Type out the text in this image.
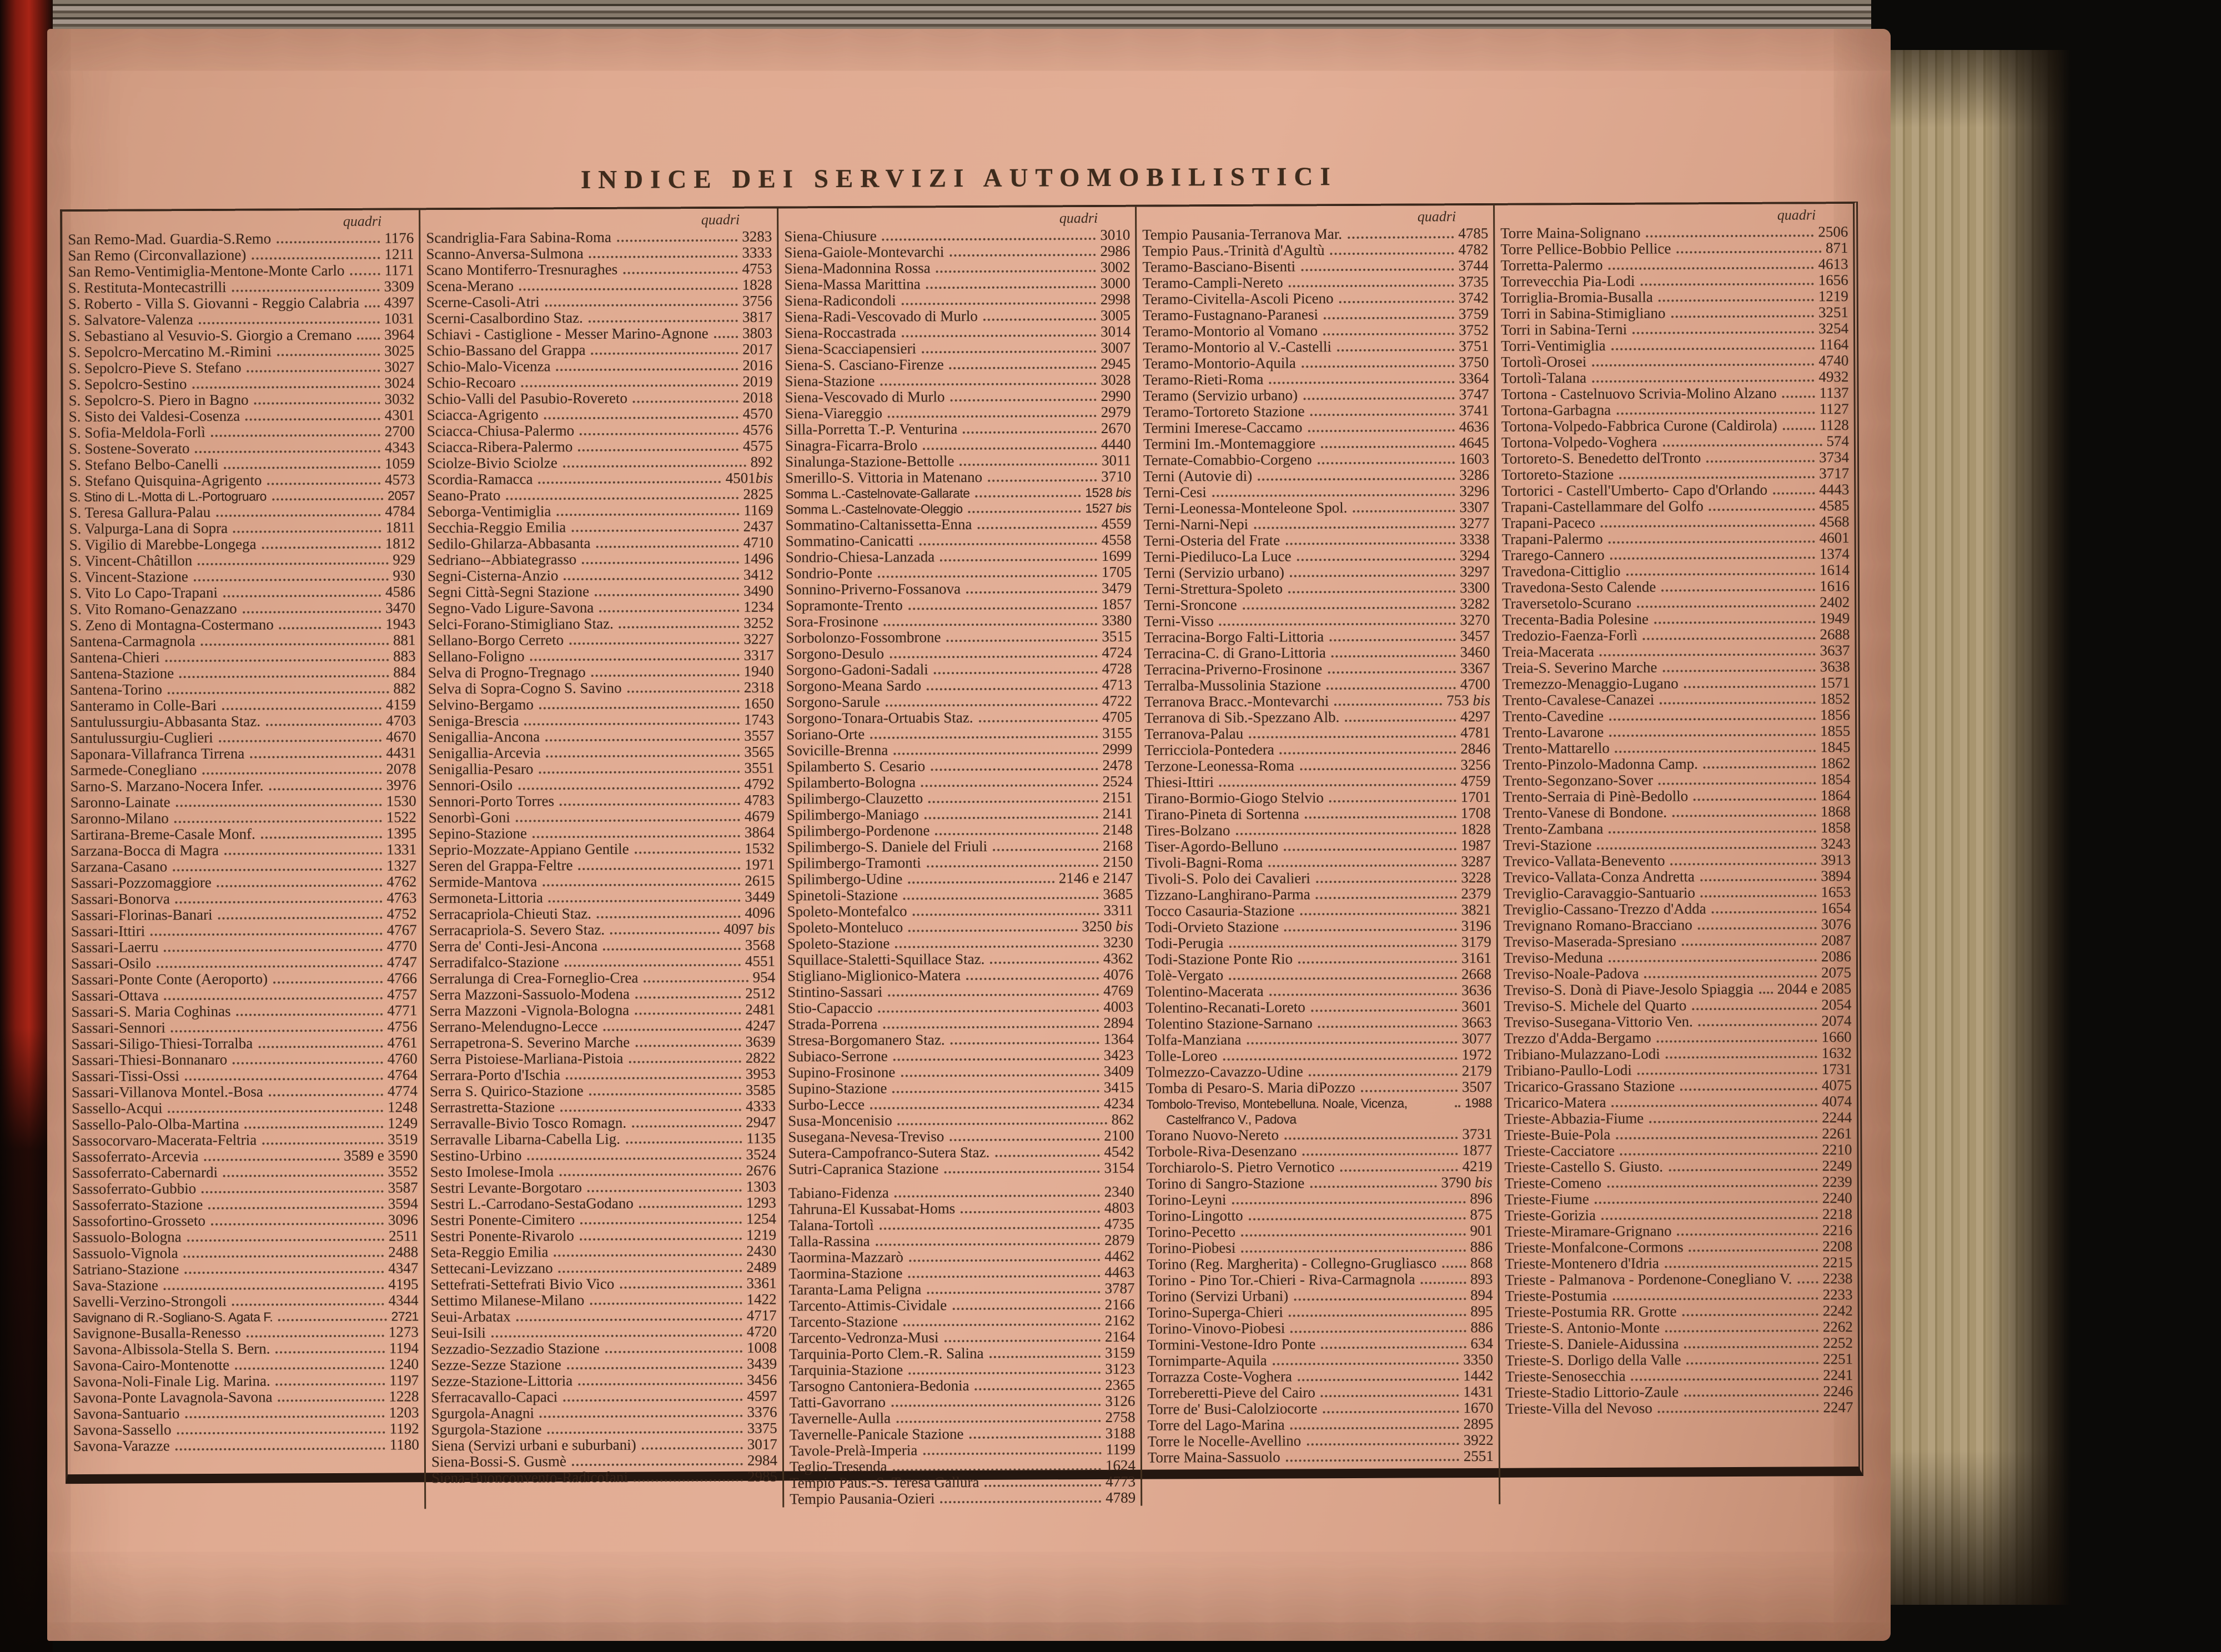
INDICE DEI SERVIZI AUTOMOBILISTICI
quadri
San Remo-Mad. Guardia-S.Remo	1176
San Remo (Circonvallazione)	1211
San Remo-Ventimiglia-Mentone-Monte Carlo	1171
S. Restituta-Montecastrilli	3309
S. Roberto - Villa S. Giovanni - Reggio Calabria 4397
S. Salvatore-Valenza	1031
S. Sebastiano al Vesuvio-S. Giorgio a Cremano 3964
S. Sepolcro-Mercatino M.-Rimini	3025
S. Sepolcro-Pieve S. Stefano	3027
S. Sepolcro-Sestino	3024
S. Sepolcro-S. Piero in Bagno	3032
S. Sisto dei Valdesi-Cosenza	4301
S. Sofia-Meldola-Forlì	2700
S. Sostene-Soverato	4343
S. Stefano Belbo-Canelli	1059
S. Stefano Quisquina-Agrigento	4573
S. Stino di L.-Motta di L.-Portogruaro	2057
S. Teresa Gallura-Palau	4784
S. Valpurga-Lana di Sopra	1811
S. Vigilio di Marebbe-Longega	1812
S. Vincent-Châtillon	929
S. Vincent-Stazione	930
S. Vito Lo Capo-Trapani	4586
S. Vito Romano-Genazzano	3470
S. Zeno di Montagna-Costermano	1943
Santena-Carmagnola	881
Santena-Chieri	883
Santena-Stazione	884
Santena-Torino	882
Santeramo in Colle-Bari	4159
Santulussurgiu-Abbasanta Staz.	4703
Santulussurgiu-Cuglieri	4670
Saponara-Villafranca Tirrena	4431
Sarmede-Conegliano	2078
Sarno-S. Marzano-Nocera Infer.	3976
Saronno-Lainate	1530
Saronno-Milano	1522
Sartirana-Breme-Casale Monf.	1395
Sarzana-Bocca di Magra	1331
Sarzana-Casano	1327
Sassari-Pozzomaggiore	4762
Sassari-Bonorva	4763
Sassari-Florinas-Banari	4752
Sassari-Ittiri	4767
Sassari-Laerru	4770
Sassari-Osilo	4747
Sassari-Ponte Conte (Aeroporto)	4766
Sassari-Ottava	4757
Sassari-S. Maria Coghinas	4771
Sassari-Sennori	4756
Sassari-Siligo-Thiesi-Torralba	4761
Sassari-Thiesi-Bonnanaro	4760
Sassari-Tissi-Ossi	4764
Sassari-Villanova Montel.-Bosa	4774
Sassello-Acqui	1248
Sassello-Palo-Olba-Martina	1249
Sassocorvaro-Macerata-Feltria	3519
Sassoferrato-Arcevia	3589 e 3590
Sassoferrato-Cabernardi	3552
Sassoferrato-Gubbio	3587
Sassoferrato-Stazione	3594
Sassofortino-Grosseto	3096
Sassuolo-Bologna	2511
Sassuolo-Vignola	2488
Satriano-Stazione	4347
Sava-Stazione	4195
Savelli-Verzino-Strongoli	4344
Savignano di R.-Sogliano-S. Agata F.	2721
Savignone-Busalla-Renesso	1273
Savona-Albissola-Stella S. Bern.	1194
Savona-Cairo-Montenotte	1240
Savona-Noli-Finale Lig. Marina.	1197
Savona-Ponte Lavagnola-Savona	1228
Savona-Santuario	1203
Savona-Sassello	1192
Savona-Varazze	1180
quadri
Scandriglia-Fara Sabina-Roma	3283
Scanno-Anversa-Sulmona	3333
Scano Montiferro-Tresnuraghes	4753
Scena-Merano	1828
Scerne-Casoli-Atri	3756
Scerni-Casalbordino Staz.	3817
Schiavi - Castiglione - Messer Marino-Agnone 3803
Schio-Bassano del Grappa	2017
Schio-Malo-Vicenza	2016
Schio-Recoaro	2019
Schio-Valli del Pasubio-Rovereto	2018
Sciacca-Agrigento	4570
Sciacca-Chiusa-Palermo	4576
Sciacca-Ribera-Palermo	4575
Sciolze-Bivio Sciolze	892
Scordia-Ramacca	4501bis
Seano-Prato	2825
Seborga-Ventimiglia	1169
Secchia-Reggio Emilia	2437
Sedilo-Ghilarza-Abbasanta	4710
Sedriano--Abbiategrasso	1496
Segni-Cisterna-Anzio	3412
Segni Città-Segni Stazione	3490
Segno-Vado Ligure-Savona	1234
Selci-Forano-Stimigliano Staz.	3252
Sellano-Borgo Cerreto	3227
Sellano-Foligno	3317
Selva di Progno-Tregnago	1940
Selva di Sopra-Cogno S. Savino	2318
Selvino-Bergamo	1650
Seniga-Brescia	1743
Senigallia-Ancona	3557
Senigallia-Arcevia	3565
Senigallia-Pesaro	3551
Sennori-Osilo	4792
Sennori-Porto Torres	4783
Senorbì-Goni	4679
Sepino-Stazione	3864
Seprio-Mozzate-Appiano Gentile	1532
Seren del Grappa-Feltre	1971
Sermide-Mantova	2615
Sermoneta-Littoria	3449
Serracapriola-Chieuti Staz.	4096
Serracapriola-S. Severo Staz.	4097 bis
Serra de' Conti-Jesi-Ancona	3568
Serradifalco-Stazione	4551
Serralunga di Crea-Forneglio-Crea	954
Serra Mazzoni-Sassuolo-Modena	2512
Serra Mazzoni -Vignola-Bologna	2481
Serrano-Melendugno-Lecce	4247
Serrapetrona-S. Severino Marche	3639
Serra Pistoiese-Marliana-Pistoia	2822
Serrara-Porto d'Ischia	3953
Serra S. Quirico-Stazione	3585
Serrastretta-Stazione	4333
Serravalle-Bivio Tosco Romagn.	2947
Serravalle Libarna-Cabella Lig.	1135
Sestino-Urbino	3524
Sesto Imolese-Imola	2676
Sestri Levante-Borgotaro	1303
Sestri L.-Carrodano-SestaGodano	1293
Sestri Ponente-Cimitero	1254
Sestri Ponente-Rivarolo	1219
Seta-Reggio Emilia	2430
Settecani-Levizzano	2489
Settefrati-Settefrati Bivio Vico	3361
Settimo Milanese-Milano	1422
Seui-Arbatax	4717
Seui-Isili	4720
Sezzadio-Sezzadio Stazione	1008
Sezze-Sezze Stazione	3439
Sezze-Stazione-Littoria	3456
Sferracavallo-Capaci	4597
Sgurgola-Anagni	3376
Sgurgola-Stazione	3375
Siena (Servizi urbani e suburbani)	3017
Siena-Bossi-S. Gusmè	2984
Siena-Buonconvento-Radicofani	2985
quadri
Siena-Chiusure	3010
Siena-Gaiole-Montevarchi	2986
Siena-Madonnina Rossa	3002
Siena-Massa Marittina	3000
Siena-Radicondoli	2998
Siena-Radi-Vescovado di Murlo	3005
Siena-Roccastrada	3014
Siena-Scacciapensieri	3007
Siena-S. Casciano-Firenze	2945
Siena-Stazione	3028
Siena-Vescovado di Murlo	2990
Siena-Viareggio	2979
Silla-Porretta T.-P. Venturina	2670
Sinagra-Ficarra-Brolo	4440
Sinalunga-Stazione-Bettolle	3011
Smerillo-S. Vittoria in Matenano	3710
Somma L.-Castelnovate-Gallarate	1528 bis
Somma L.-Castelnovate-Oleggio	1527 bis
Sommatino-Caltanissetta-Enna	4559
Sommatino-Canicatti	4558
Sondrio-Chiesa-Lanzada	1699
Sondrio-Ponte	1705
Sonnino-Priverno-Fossanova	3479
Sopramonte-Trento	1857
Sora-Frosinone	3380
Sorbolonzo-Fossombrone	3515
Sorgono-Desulo	4724
Sorgono-Gadoni-Sadali	4728
Sorgono-Meana Sardo	4713
Sorgono-Sarule	4722
Sorgono-Tonara-Ortuabis Staz.	4705
Soriano-Orte	3155
Sovicille-Brenna	2999
Spilamberto S. Cesario	2478
Spilamberto-Bologna	2524
Spilimbergo-Clauzetto	2151
Spilimbergo-Maniago	2141
Spilimbergo-Pordenone	2148
Spilimbergo-S. Daniele del Friuli	2168
Spilimbergo-Tramonti	2150
Spilimbergo-Udine	2146 e 2147
Spinetoli-Stazione	3685
Spoleto-Montefalco	3311
Spoleto-Monteluco	3250 bis
Spoleto-Stazione	3230
Squillace-Staletti-Squillace Staz.	4362
Stigliano-Miglionico-Matera	4076
Stintino-Sassari	4769
Stio-Capaccio	4003
Strada-Porrena	2894
Stresa-Borgomanero Staz.	1364
Subiaco-Serrone	3423
Supino-Frosinone	3409
Supino-Stazione	3415
Surbo-Lecce	4234
Susa-Moncenisio	862
Susegana-Nevesa-Treviso	2100
Sutera-Campofranco-Sutera Staz.	4542
Sutri-Capranica Stazione	3154
Tabiano-Fidenza	2340
Tahruna-El Kussabat-Homs	4803
Talana-Tortolì	4735
Talla-Rassina	2879
Taormina-Mazzarò	4462
Taormina-Stazione	4463
Taranta-Lama Peligna	3787
Tarcento-Attimis-Cividale	2166
Tarcento-Stazione	2162
Tarcento-Vedronza-Musi	2164
Tarquinia-Porto Clem.-R. Salina	3159
Tarquinia-Stazione	3123
Tarsogno Cantoniera-Bedonia	2365
Tatti-Gavorrano	3126
Tavernelle-Aulla	2758
Tavernelle-Panicale Stazione	3188
Tavole-Prelà-Imperia	1199
Teglio-Tresenda	1624
Tempio Paus.-S. Teresa Gallura	4773
Tempio Pausania-Ozieri	4789
quadri
Tempio Pausania-Terranova Mar.	4785
Tempio Paus.-Trinità d'Agultù	4782
Teramo-Basciano-Bisenti	3744
Teramo-Campli-Nereto	3735
Teramo-Civitella-Ascoli Piceno	3742
Teramo-Fustagnano-Paranesi	3759
Teramo-Montorio al Vomano	3752
Teramo-Montorio al V.-Castelli	3751
Teramo-Montorio-Aquila	3750
Teramo-Rieti-Roma	3364
Teramo (Servizio urbano)	3747
Teramo-Tortoreto Stazione	3741
Termini Imerese-Caccamo	4636
Termini Im.-Montemaggiore	4645
Ternate-Comabbio-Corgeno	1603
Terni (Autovie di)	3286
Terni-Cesi	3296
Terni-Leonessa-Monteleone Spol.	3307
Terni-Narni-Nepi	3277
Terni-Osteria del Frate	3338
Terni-Piediluco-La Luce	3294
Terni (Servizio urbano)	3297
Terni-Strettura-Spoleto	3300
Terni-Sroncone	3282
Terni-Visso	3270
Terracina-Borgo Falti-Littoria	3457
Terracina-C. di Grano-Littoria	3460
Terracina-Priverno-Frosinone	3367
Terralba-Mussolinia Stazione	4700
Terranova Bracc.-Montevarchi	753 bis
Terranova di Sib.-Spezzano Alb.	4297
Terranova-Palau	4781
Terricciola-Pontedera	2846
Terzone-Leonessa-Roma	3256
Thiesi-Ittiri	4759
Tirano-Bormio-Giogo Stelvio	1701
Tirano-Pineta di Sortenna	1708
Tires-Bolzano	1828
Tiser-Agordo-Belluno	1987
Tivoli-Bagni-Roma	3287
Tivoli-S. Polo dei Cavalieri	3228
Tizzano-Langhirano-Parma	2379
Tocco Casauria-Stazione	3821
Todi-Orvieto Stazione	3196
Todi-Perugia	3179
Todi-Stazione Ponte Rio	3161
Tolè-Vergato	2668
Tolentino-Macerata	3636
Tolentino-Recanati-Loreto	3601
Tolentino Stazione-Sarnano	3663
Tolfa-Manziana	3077
Tolle-Loreo	1972
Tolmezzo-Cavazzo-Udine	2179
Tomba di Pesaro-S. Maria diPozzo	3507
Tombolo-Treviso, Montebelluna. Noale, Vicenza, Castelfranco V., Padova
1988
Torano Nuovo-Nereto	3731
Torbole-Riva-Desenzano	1877
Torchiarolo-S. Pietro Vernotico	4219
Torino di Sangro-Stazione	3790 bis
Torino-Leyni	896
Torino-Lingotto	875
Torino-Pecetto	901
Torino-Piobesi	886
Torino (Reg. Margherita) - Collegno-Grugliasco 868
Torino - Pino Tor.-Chieri - Riva-Carmagnola	893
Torino (Servizi Urbani)	894
Torino-Superga-Chieri	895
Torino-Vinovo-Piobesi	886
Tormini-Vestone-Idro Ponte	634
Tornimparte-Aquila	3350
Torrazza Coste-Voghera	1442
Torreberetti-Pieve del Cairo	1431
Torre de' Busi-Calolziocorte	1670
Torre del Lago-Marina	2895
Torre le Nocelle-Avellino	3922
Torre Maina-Sassuolo	2551
quadri
Torre Maina-Solignano	2506
Torre Pellice-Bobbio Pellice	871
Torretta-Palermo	4613
Torrevecchia Pia-Lodi	1656
Torriglia-Bromia-Busalla	1219
Torri in Sabina-Stimigliano	3251
Torri in Sabina-Terni	3254
Torri-Ventimiglia	1164
Tortolì-Orosei	4740
Tortolì-Talana	4932
Tortona - Castelnuovo Scrivia-Molino Alzano	1137
Tortona-Garbagna	1127
Tortona-Volpedo-Fabbrica Curone (Caldirola)	1128
Tortona-Volpedo-Voghera	574
Tortoreto-S. Benedetto delTronto	3734
Tortoreto-Stazione	3717
Tortorici - Castell'Umberto- Capo d'Orlando	4443
Trapani-Castellammare del Golfo	4585
Trapani-Paceco	4568
Trapani-Palermo	4601
Trarego-Cannero	1374
Travedona-Cittiglio	1614
Travedona-Sesto Calende	1616
Traversetolo-Scurano	2402
Trecenta-Badia Polesine	1949
Tredozio-Faenza-Forlì	2688
Treia-Macerata	3637
Treia-S. Severino Marche	3638
Tremezzo-Menaggio-Lugano	1571
Trento-Cavalese-Canazei	1852
Trento-Cavedine	1856
Trento-Lavarone	1855
Trento-Mattarello	1845
Trento-Pinzolo-Madonna Camp.	1862
Trento-Segonzano-Sover	1854
Trento-Serraia di Pinè-Bedollo	1864
Trento-Vanese di Bondone.	1868
Trento-Zambana	1858
Trevi-Stazione	3243
Trevico-Vallata-Benevento	3913
Trevico-Vallata-Conza Andretta	3894
Treviglio-Caravaggio-Santuario	1653
Treviglio-Cassano-Trezzo d'Adda	1654
Trevignano Romano-Bracciano	3076
Treviso-Maserada-Spresiano	2087
Treviso-Meduna	2086
Treviso-Noale-Padova	2075
Treviso-S. Donà di Piave-Jesolo Spiaggia 2044 e 2085
Treviso-S. Michele del Quarto	2054
Treviso-Susegana-Vittorio Ven.	2074
Trezzo d'Adda-Bergamo	1660
Tribiano-Mulazzano-Lodi	1632
Tribiano-Paullo-Lodi	1731
Tricarico-Grassano Stazione	4075
Tricarico-Matera	4074
Trieste-Abbazia-Fiume	2244
Trieste-Buie-Pola	2261
Trieste-Cacciatore	2210
Trieste-Castello S. Giusto.	2249
Trieste-Comeno	2239
Trieste-Fiume	2240
Trieste-Gorizia	2218
Trieste-Miramare-Grignano	2216
Trieste-Monfalcone-Cormons	2208
Trieste-Montenero d'Idria	2215
Trieste - Palmanova - Pordenone-Conegliano V. 2238
Trieste-Postumia	2233
Trieste-Postumia RR. Grotte	2242
Trieste-S. Antonio-Monte	2262
Trieste-S. Daniele-Aidussina	2252
Trieste-S. Dorligo della Valle	2251
Trieste-Senosecchia	2241
Trieste-Stadio Littorio-Zaule	2246
Trieste-Villa del Nevoso	2247
